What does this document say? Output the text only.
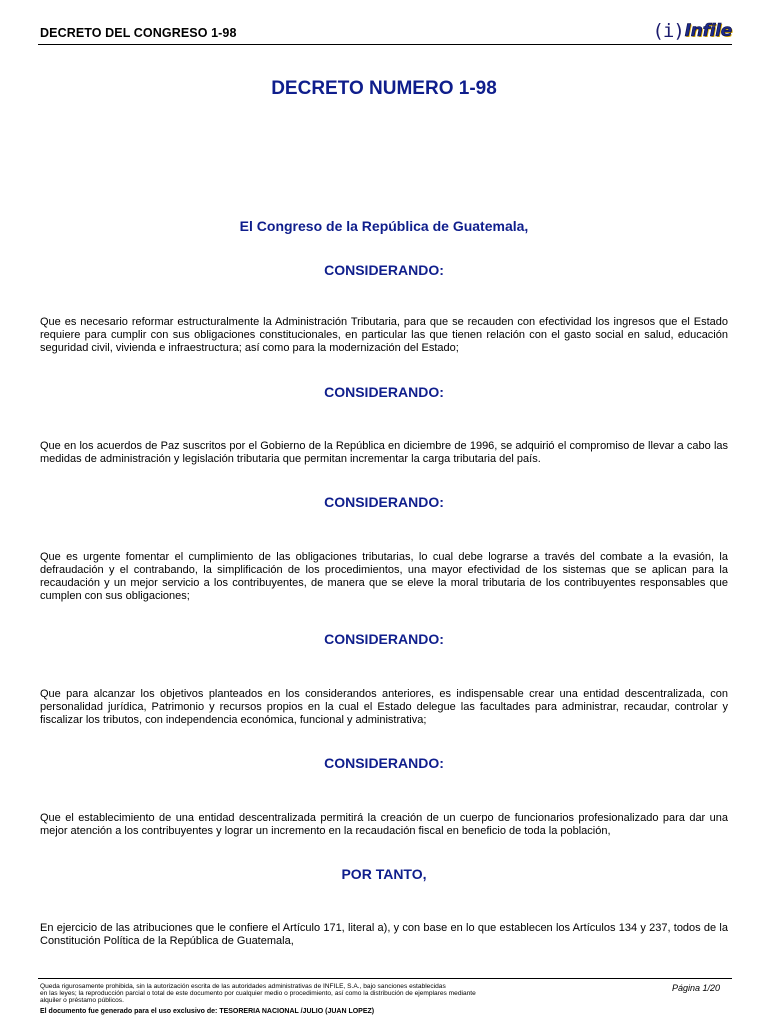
DECRETO DEL CONGRESO 1-98	(i) Infile
DECRETO NUMERO 1-98
El Congreso de la República de Guatemala,
CONSIDERANDO:
Que es necesario reformar estructuralmente la Administración Tributaria, para que se recauden con efectividad los ingresos que el Estado requiere para cumplir con sus obligaciones constitucionales, en particular las que tienen relación con el gasto social en salud, educación seguridad civil, vivienda e infraestructura; así como para la modernización del Estado;
CONSIDERANDO:
Que en los acuerdos de Paz suscritos por el Gobierno de la República en diciembre de 1996, se adquirió el compromiso de llevar a cabo las medidas de administración y legislación tributaria que permitan incrementar la carga tributaria del país.
CONSIDERANDO:
Que es urgente fomentar el cumplimiento de las obligaciones tributarias, lo cual debe lograrse a través del combate a la evasión, la defraudación y el contrabando, la simplificación de los procedimientos, una mayor efectividad de los sistemas que se aplican para la recaudación y un mejor servicio a los contribuyentes, de manera que se eleve la moral tributaria de los contribuyentes responsables que cumplen con sus obligaciones;
CONSIDERANDO:
Que para alcanzar los objetivos planteados en los considerandos anteriores, es indispensable crear una entidad descentralizada, con personalidad jurídica, Patrimonio y recursos propios en la cual el Estado delegue las facultades para administrar, recaudar, controlar y fiscalizar los tributos, con independencia económica, funcional y administrativa;
CONSIDERANDO:
Que el establecimiento de una entidad descentralizada permitirá la creación de un cuerpo de funcionarios profesionalizado para dar una mejor atención a los contribuyentes y lograr un incremento en la recaudación fiscal en beneficio de toda la población,
POR TANTO,
En ejercicio de las atribuciones que le confiere el Artículo 171, literal a), y con base en lo que establecen los Artículos 134 y 237, todos de la Constitución Política de la República de Guatemala,
Queda rigurosamente prohibida, sin la autorización escrita de las autoridades administrativas de INFILE, S.A., bajo sanciones establecidas
en las leyes; la reproducción parcial o total de este documento por cualquier medio o procedimiento, así como la distribución de ejemplares mediante
alquiler o préstamo públicos.
Página 1/20
El documento fue generado para el uso exclusivo de: TESORERIA NACIONAL /JULIO (JUAN LOPEZ)
